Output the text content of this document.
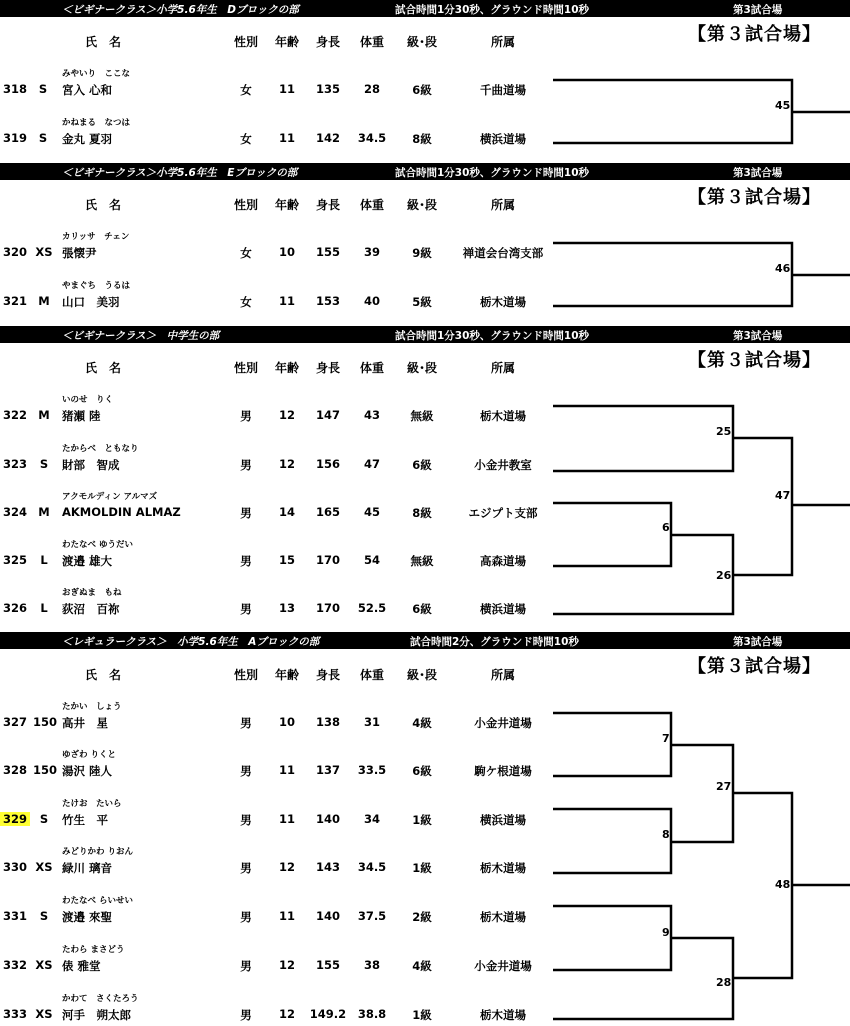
＜ビギナークラス＞小学5.6年生　Dブロックの部	試合時間1分30秒、グラウンド時間10秒	第3試合場
【第３試合場】
氏　名	性別 年齢 身長 体重 級･段	所属
みやいり　ここな
318 S 宮入 心和	女 11 135 28	6級	千曲道場
かねまる　なつは
319 S 金丸 夏羽	女 11 142 34.5 8級	横浜道場
＜ビギナークラス＞小学5.6年生　Eブロックの部	試合時間1分30秒、グラウンド時間10秒	第3試合場
【第３試合場】
氏　名	性別 年齢 身長 体重 級･段	所属
カリッサ　チェン
320 XS 張懐尹	女 10 155 39	9級	禅道会台湾支部
やまぐち　うるは
321 M 山口　美羽	女 11 153 40	5級	栃木道場
＜ビギナークラス＞　中学生の部	試合時間1分30秒、グラウンド時間10秒	第3試合場
【第３試合場】
氏　名	性別 年齢 身長 体重 級･段	所属
いのせ　りく
322 M 猪瀬 陸	男 12 147 43	無級	栃木道場
たからべ　ともなり
323 S 財部　智成	男 12 156 47	6級	小金井教室
アクモルディン アルマズ
324 M AKMOLDIN ALMAZ	男 14 165 45	8級	エジプト支部
わたなべ ゆうだい
325 L 渡邉 雄大	男 15 170 54	無級	高森道場
おぎぬま　もね
326 L 荻沼　百祢	男 13 170 52.5 6級	横浜道場
＜レギュラークラス＞　小学5.6年生　Aブロックの部	試合時間2分、グラウンド時間10秒	第3試合場
【第３試合場】
氏　名	性別 年齢 身長 体重 級･段	所属
たかい　しょう
327 150 高井　星	男 10 138 31	4級	小金井道場
ゆざわ りくと
328 150 湯沢 陸人	男 11 137 33.5 6級	駒ケ根道場
たけお　たいら
329 S 竹生　平	男 11 140 34	1級	横浜道場
みどりかわ りおん
330 XS 緑川 璃音	男 12 143 34.5 1級	栃木道場
わたなべ らいせい
331 S 渡邉 來聖	男 11 140 37.5 2級	栃木道場
たわら まさどう
332 XS 俵 雅堂	男 12 155 38	4級	小金井道場
かわて　さくたろう
333 XS 河手　朔太郎	男 12 149.2 38.8 1級	栃木道場
45
46
25
6
26
47
7
27
8
48
9
28
